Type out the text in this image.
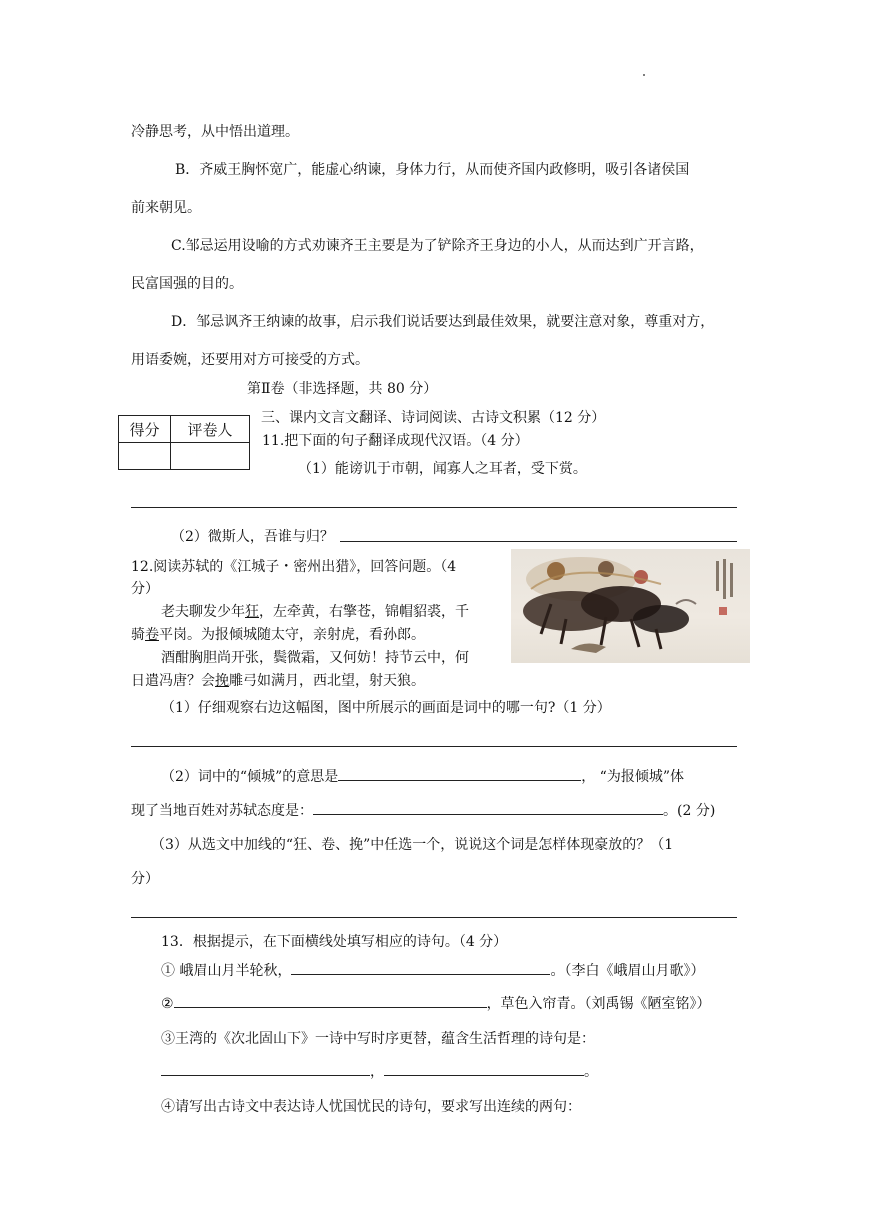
冷静思考，从中悟出道理。
B．齐威王胸怀宽广，能虚心纳谏，身体力行，从而使齐国内政修明，吸引各诸侯国
前来朝见。
C.邹忌运用设喻的方式劝谏齐王主要是为了铲除齐王身边的小人，从而达到广开言路，
民富国强的目的。
D．邹忌讽齐王纳谏的故事，启示我们说话要达到最佳效果，就要注意对象，尊重对方，
用语委婉，还要用对方可接受的方式。
第Ⅱ卷（非选择题，共 80 分）
得分	评卷人

三、课内文言文翻译、诗词阅读、古诗文积累（12 分）
11.把下面的句子翻译成现代汉语。（4 分）
（1）能谤讥于市朝，闻寡人之耳者，受下赏。
（2）微斯人，吾谁与归？
12.阅读苏轼的《江城子・密州出猎》，回答问题。（4
分）
老夫聊发少年狂，左牵黄，右擎苍，锦帽貂裘，千
骑卷平岗。为报倾城随太守，亲射虎，看孙郎。
酒酣胸胆尚开张，鬓微霜，又何妨！持节云中，何
日遣冯唐？会挽雕弓如满月，西北望，射天狼。
（1）仔细观察右边这幅图，图中所展示的画面是词中的哪一句?（1 分）
（2）词中的“倾城”的意思是	， “为报倾城”体
现了当地百姓对苏轼态度是：	。(2 分)
（3）从选文中加线的“狂、卷、挽”中任选一个，说说这个词是怎样体现豪放的？（1
分）
13．根据提示，在下面横线处填写相应的诗句。（4 分）
① 峨眉山月半轮秋，	。（李白《峨眉山月歌》）
②	，草色入帘青。（刘禹锡《陋室铭》）
③王湾的《次北固山下》一诗中写时序更替，蕴含生活哲理的诗句是：
，	。
④请写出古诗文中表达诗人忧国忧民的诗句，要求写出连续的两句：
